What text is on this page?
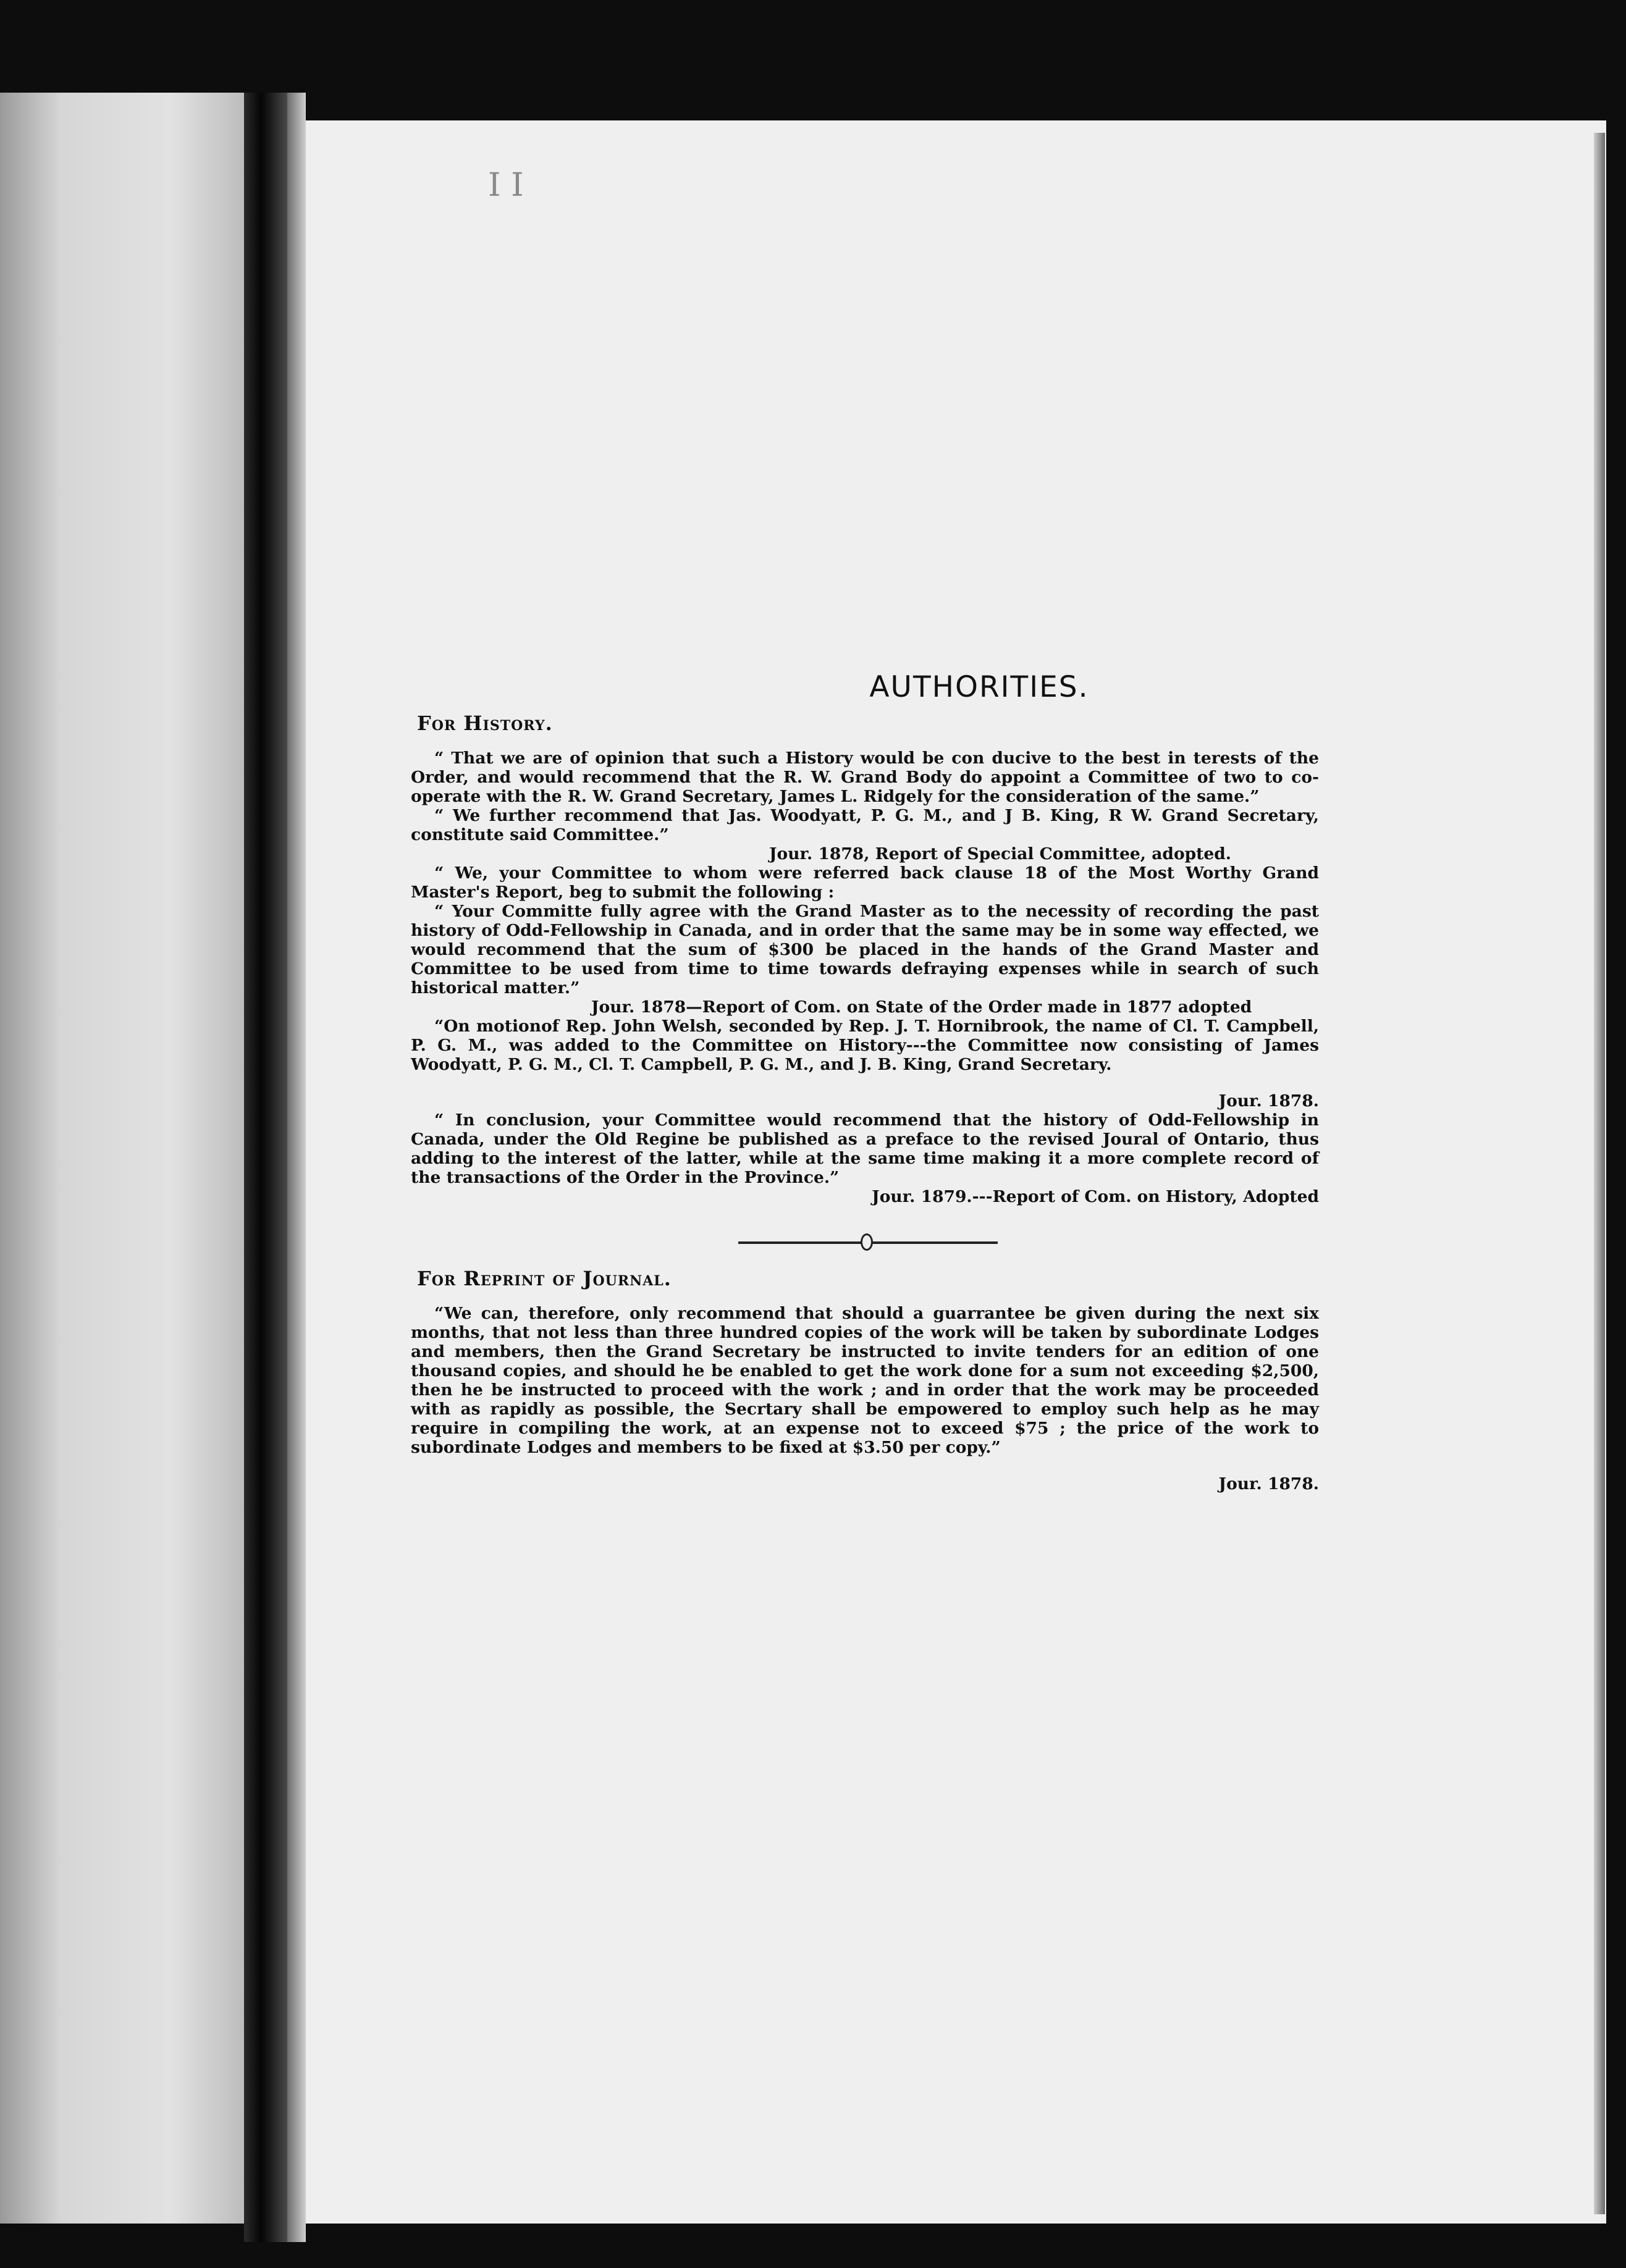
I I
AUTHORITIES.
For History.

“ That we are of opinion that such a History would be con ducive to the best in terests of the Order, and would recommend that the R. W. Grand Body do appoint a Committee of two to co-operate with the R. W. Grand Secretary, James L. Ridgely for the consideration of the same.”

“ We further recommend that Jas. Woodyatt, P. G. M., and J B. King, R W. Grand Secretary, constitute said Committee.”

Jour. 1878, Report of Special Committee, adopted.

“ We, your Committee to whom were referred back clause 18 of the Most Worthy Grand Master's Report, beg to submit the following :

“ Your Committe fully agree with the Grand Master as to the necessity of recording the past history of Odd-Fellowship in Canada, and in order that the same may be in some way effected, we would recommend that the sum of $300 be placed in the hands of the Grand Master and Committee to be used from time to time towards defraying expenses while in search of such historical matter.”

Jour. 1878—Report of Com. on State of the Order made in 1877 adopted

“On motionof Rep. John Welsh, seconded by Rep. J. T. Hornibrook, the name of Cl. T. Campbell, P. G. M., was added to the Committee on History---the Committee now consisting of James Woodyatt, P. G. M., Cl. T. Campbell, P. G. M., and J. B. King, Grand Secretary.

Jour. 1878.

“ In conclusion, your Committee would recommend that the history of Odd-Fellowship in Canada, under the Old Regine be published as a preface to the revised Joural of Ontario, thus adding to the interest of the latter, while at the same time making it a more complete record of the transactions of the Order in the Province.”

Jour. 1879.---Report of Com. on History, Adopted

For Reprint of Journal.

“We can, therefore, only recommend that should a guarrantee be given during the next six months, that not less than three hundred copies of the work will be taken by subordinate Lodges and members, then the Grand Secretary be instructed to invite tenders for an edition of one thousand copies, and should he be enabled to get the work done for a sum not exceeding $2,500, then he be instructed to proceed with the work ; and in order that the work may be proceeded with as rapidly as possible, the Secrtary shall be empowered to employ such help as he may require in compiling the work, at an expense not to exceed $75 ; the price of the work to subordinate Lodges and members to be fixed at $3.50 per copy.”

Jour. 1878.
